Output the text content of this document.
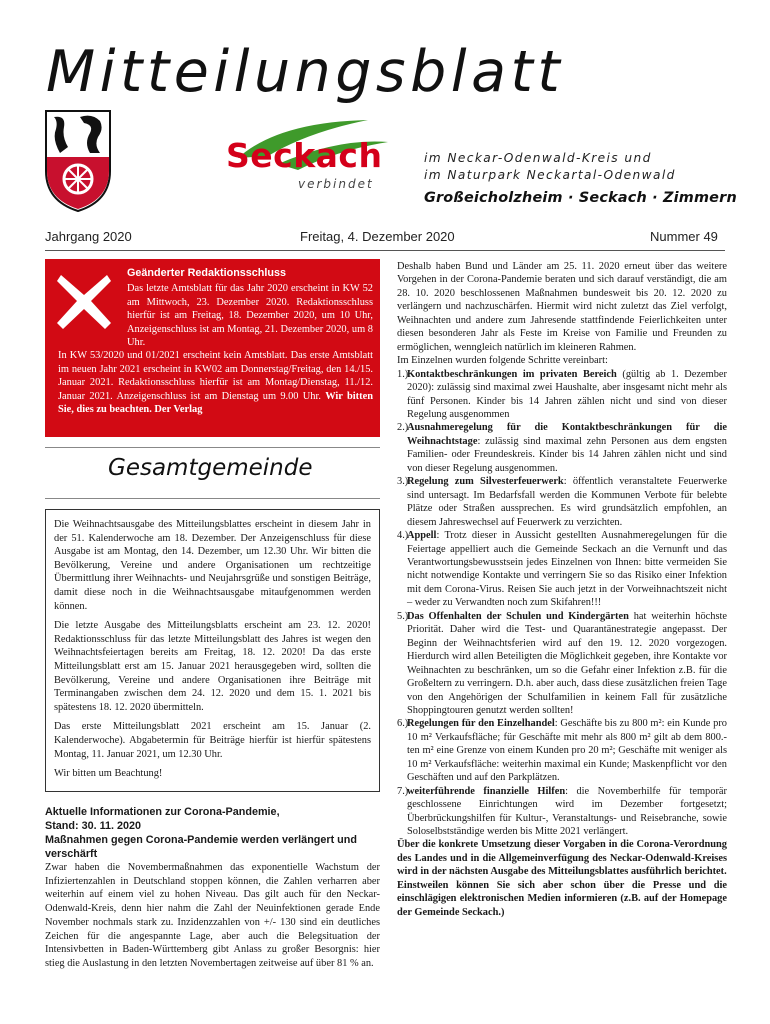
Mitteilungsblatt
Seckach
verbindet
im Neckar-Odenwald-Kreis und
im Naturpark Neckartal-Odenwald
Großeicholzheim · Seckach · Zimmern
Jahrgang 2020	Freitag, 4. Dezember 2020	Nummer 49
Geänderter Redaktionsschluss
Das letzte Amtsblatt für das Jahr 2020 erscheint in KW 52 am Mittwoch, 23. Dezember 2020. Redaktionsschluss hierfür ist am Freitag, 18. Dezember 2020, um 10 Uhr, Anzeigenschluss ist am Montag, 21. Dezember 2020, um 8 Uhr.
In KW 53/2020 und 01/2021 erscheint kein Amtsblatt. Das erste Amtsblatt im neuen Jahr 2021 erscheint in KW02 am Donnerstag/Freitag, den 14./15. Januar 2021. Redaktionsschluss hierfür ist am Montag/Dienstag, 11./12. Januar 2021. Anzeigenschluss ist am Dienstag um 9.00 Uhr. Wir bitten Sie, dies zu beachten. Der Verlag
Gesamtgemeinde

Die Weihnachtsausgabe des Mitteilungsblattes erscheint in diesem Jahr in der 51. Kalenderwoche am 18. Dezember. Der Anzeigenschluss für diese Ausgabe ist am Montag, den 14. Dezember, um 12.30 Uhr. Wir bitten die Bevölkerung, Vereine und andere Organisationen um rechtzeitige Übermittlung ihrer Weihnachts- und Neujahrsgrüße und sonstigen Beiträge, damit diese noch in die Weihnachtsausgabe mitaufgenommen werden können.

Die letzte Ausgabe des Mitteilungsblatts erscheint am 23. 12. 2020! Redaktionsschluss für das letzte Mitteilungsblatt des Jahres ist wegen den Weihnachtsfeiertagen bereits am Freitag, 18. 12. 2020! Da das erste Mitteilungsblatt erst am 15. Januar 2021 herausgegeben wird, sollten die Bevölkerung, Vereine und andere Organisationen ihre Beiträge mit Terminangaben zwischen dem 24. 12. 2020 und dem 15. 1. 2021 bis spätestens 18. 12. 2020 übermitteln.

Das erste Mitteilungsblatt 2021 erscheint am 15. Januar (2. Kalenderwoche). Abgabetermin für Beiträge hierfür ist hierfür spätestens Montag, 11. Januar 2021, um 12.30 Uhr.

Wir bitten um Beachtung!

Aktuelle Informationen zur Corona-Pandemie,
Stand: 30. 11. 2020
Maßnahmen gegen Corona-Pandemie werden verlängert und verschärft
Zwar haben die Novembermaßnahmen das exponentielle Wachstum der Infiziertenzahlen in Deutschland stoppen können, die Zahlen verharren aber weiterhin auf einem viel zu hohen Niveau. Das gilt auch für den Neckar-Odenwald-Kreis, denn hier nahm die Zahl der Neuinfektionen gerade Ende November nochmals stark zu. Inzidenzzahlen von +/- 130 sind ein deutliches Zeichen für die angespannte Lage, aber auch die Belegsituation der Intensivbetten in Baden-Württemberg gibt Anlass zu großer Besorgnis: hier stieg die Auslastung in den letzten Novembertagen zeitweise auf über 81 % an.
Deshalb haben Bund und Länder am 25. 11. 2020 erneut über das weitere Vorgehen in der Corona-Pandemie beraten und sich darauf verständigt, die am 28. 10. 2020 beschlossenen Maßnahmen bundesweit bis 20. 12. 2020 zu verlängern und nachzuschärfen. Hiermit wird nicht zuletzt das Ziel verfolgt, Weihnachten und andere zum Jahresende stattfindende Feierlichkeiten unter diesen besonderen Jahr als Feste im Kreise von Familie und Freunden zu ermöglichen, wenngleich natürlich im kleineren Rahmen.
Im Einzelnen wurden folgende Schritte vereinbart:
1.)
Kontaktbeschränkungen im privaten Bereich (gültig ab 1. Dezember 2020): zulässig sind maximal zwei Haushalte, aber insgesamt nicht mehr als fünf Personen. Kinder bis 14 Jahren zählen nicht und sind von dieser Regelung ausgenommen
2.)
Ausnahmeregelung für die Kontaktbeschränkungen für die Weihnachtstage: zulässig sind maximal zehn Personen aus dem engsten Familien- oder Freundeskreis. Kinder bis 14 Jahren zählen nicht und sind von dieser Regelung ausgenommen.
3.)
Regelung zum Silvesterfeuerwerk: öffentlich veranstaltete Feuerwerke sind untersagt. Im Bedarfsfall werden die Kommunen Verbote für belebte Plätze oder Straßen aussprechen. Es wird grundsätzlich empfohlen, an diesem Jahreswechsel auf Feuerwerk zu verzichten.
4.)
Appell: Trotz dieser in Aussicht gestellten Ausnahmeregelungen für die Feiertage appelliert auch die Gemeinde Seckach an die Vernunft und das Verantwortungsbewusstsein jedes Einzelnen von Ihnen: bitte vermeiden Sie nicht notwendige Kontakte und verringern Sie so das Risiko einer Infektion mit dem Corona-Virus. Reisen Sie auch jetzt in der Vorweihnachtszeit nicht – weder zu Verwandten noch zum Skifahren!!!
5.)
Das Offenhalten der Schulen und Kindergärten hat weiterhin höchste Priorität. Daher wird die Test- und Quarantänestrategie angepasst. Der Beginn der Weihnachtsferien wird auf den 19. 12. 2020 vorgezogen. Hierdurch wird allen Beteiligten die Möglichkeit gegeben, ihre Kontakte vor Weihnachten zu beschränken, um so die Gefahr einer Infektion z.B. für die Großeltern zu verringern. D.h. aber auch, dass diese zusätzlichen freien Tage von den Angehörigen der Schulfamilien in keinem Fall für zusätzliche Shoppingtouren genutzt werden sollten!
6.)
Regelungen für den Einzelhandel: Geschäfte bis zu 800 m²: ein Kunde pro 10 m² Verkaufsfläche; für Geschäfte mit mehr als 800 m² gilt ab dem 800.-ten m² eine Grenze von einem Kunden pro 20 m²; Geschäfte mit weniger als 10 m² Verkaufsfläche: weiterhin maximal ein Kunde; Maskenpflicht vor den Geschäften und auf den Parkplätzen.
7.)
weiterführende finanzielle Hilfen: die Novemberhilfe für temporär geschlossene Einrichtungen wird im Dezember fortgesetzt; Überbrückungshilfen für Kultur-, Veranstaltungs- und Reisebranche, sowie Soloselbstständige werden bis Mitte 2021 verlängert.
Über die konkrete Umsetzung dieser Vorgaben in die Corona-Verordnung des Landes und in die Allgemeinverfügung des Neckar-Odenwald-Kreises wird in der nächsten Ausgabe des Mitteilungsblattes ausführlich berichtet.
Einstweilen können Sie sich aber schon über die Presse und die einschlägigen elektronischen Medien informieren (z.B. auf der Homepage der Gemeinde Seckach.)
